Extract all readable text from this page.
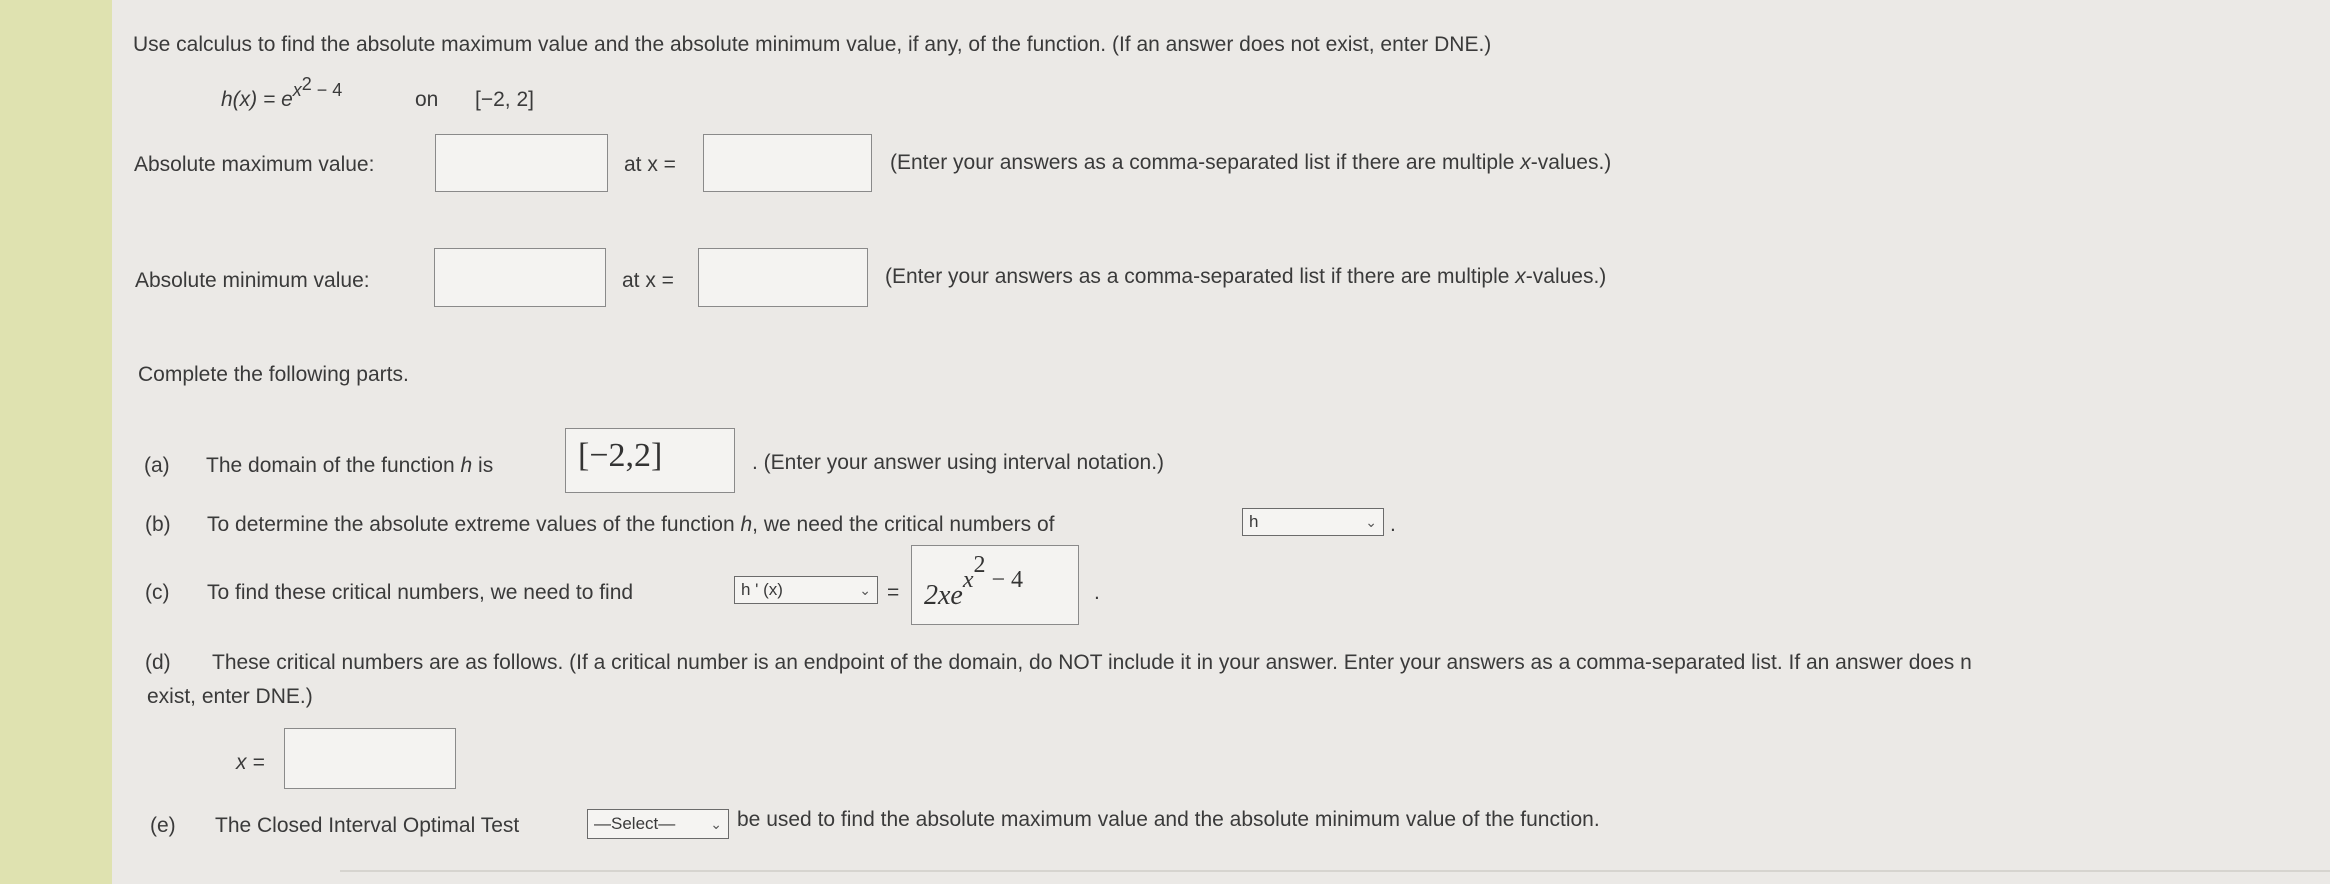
Use calculus to find the absolute maximum value and the absolute minimum value, if any, of the function. (If an answer does not exist, enter DNE.)
h(x) = ex2 − 4	on [−2, 2]
Absolute maximum value:	at x =	(Enter your answers as a comma-separated list if there are multiple x-values.)
Absolute minimum value:	at x =	(Enter your answers as a comma-separated list if there are multiple x-values.)
Complete the following parts.
(a) The domain of the function h is	[−2,2]	. (Enter your answer using interval notation.)
(b) To determine the absolute extreme values of the function h, we need the critical numbers of	h	⌄ .
(c) To find these critical numbers, we need to find	h ' (x)	⌄ = 2xex2 − 4	.
(d) These critical numbers are as follows. (If a critical number is an endpoint of the domain, do NOT include it in your answer. Enter your answers as a comma-separated list. If an answer does n
exist, enter DNE.)
x =
(e) The Closed Interval Optimal Test	—Select—	⌄ be used to find the absolute maximum value and the absolute minimum value of the function.
